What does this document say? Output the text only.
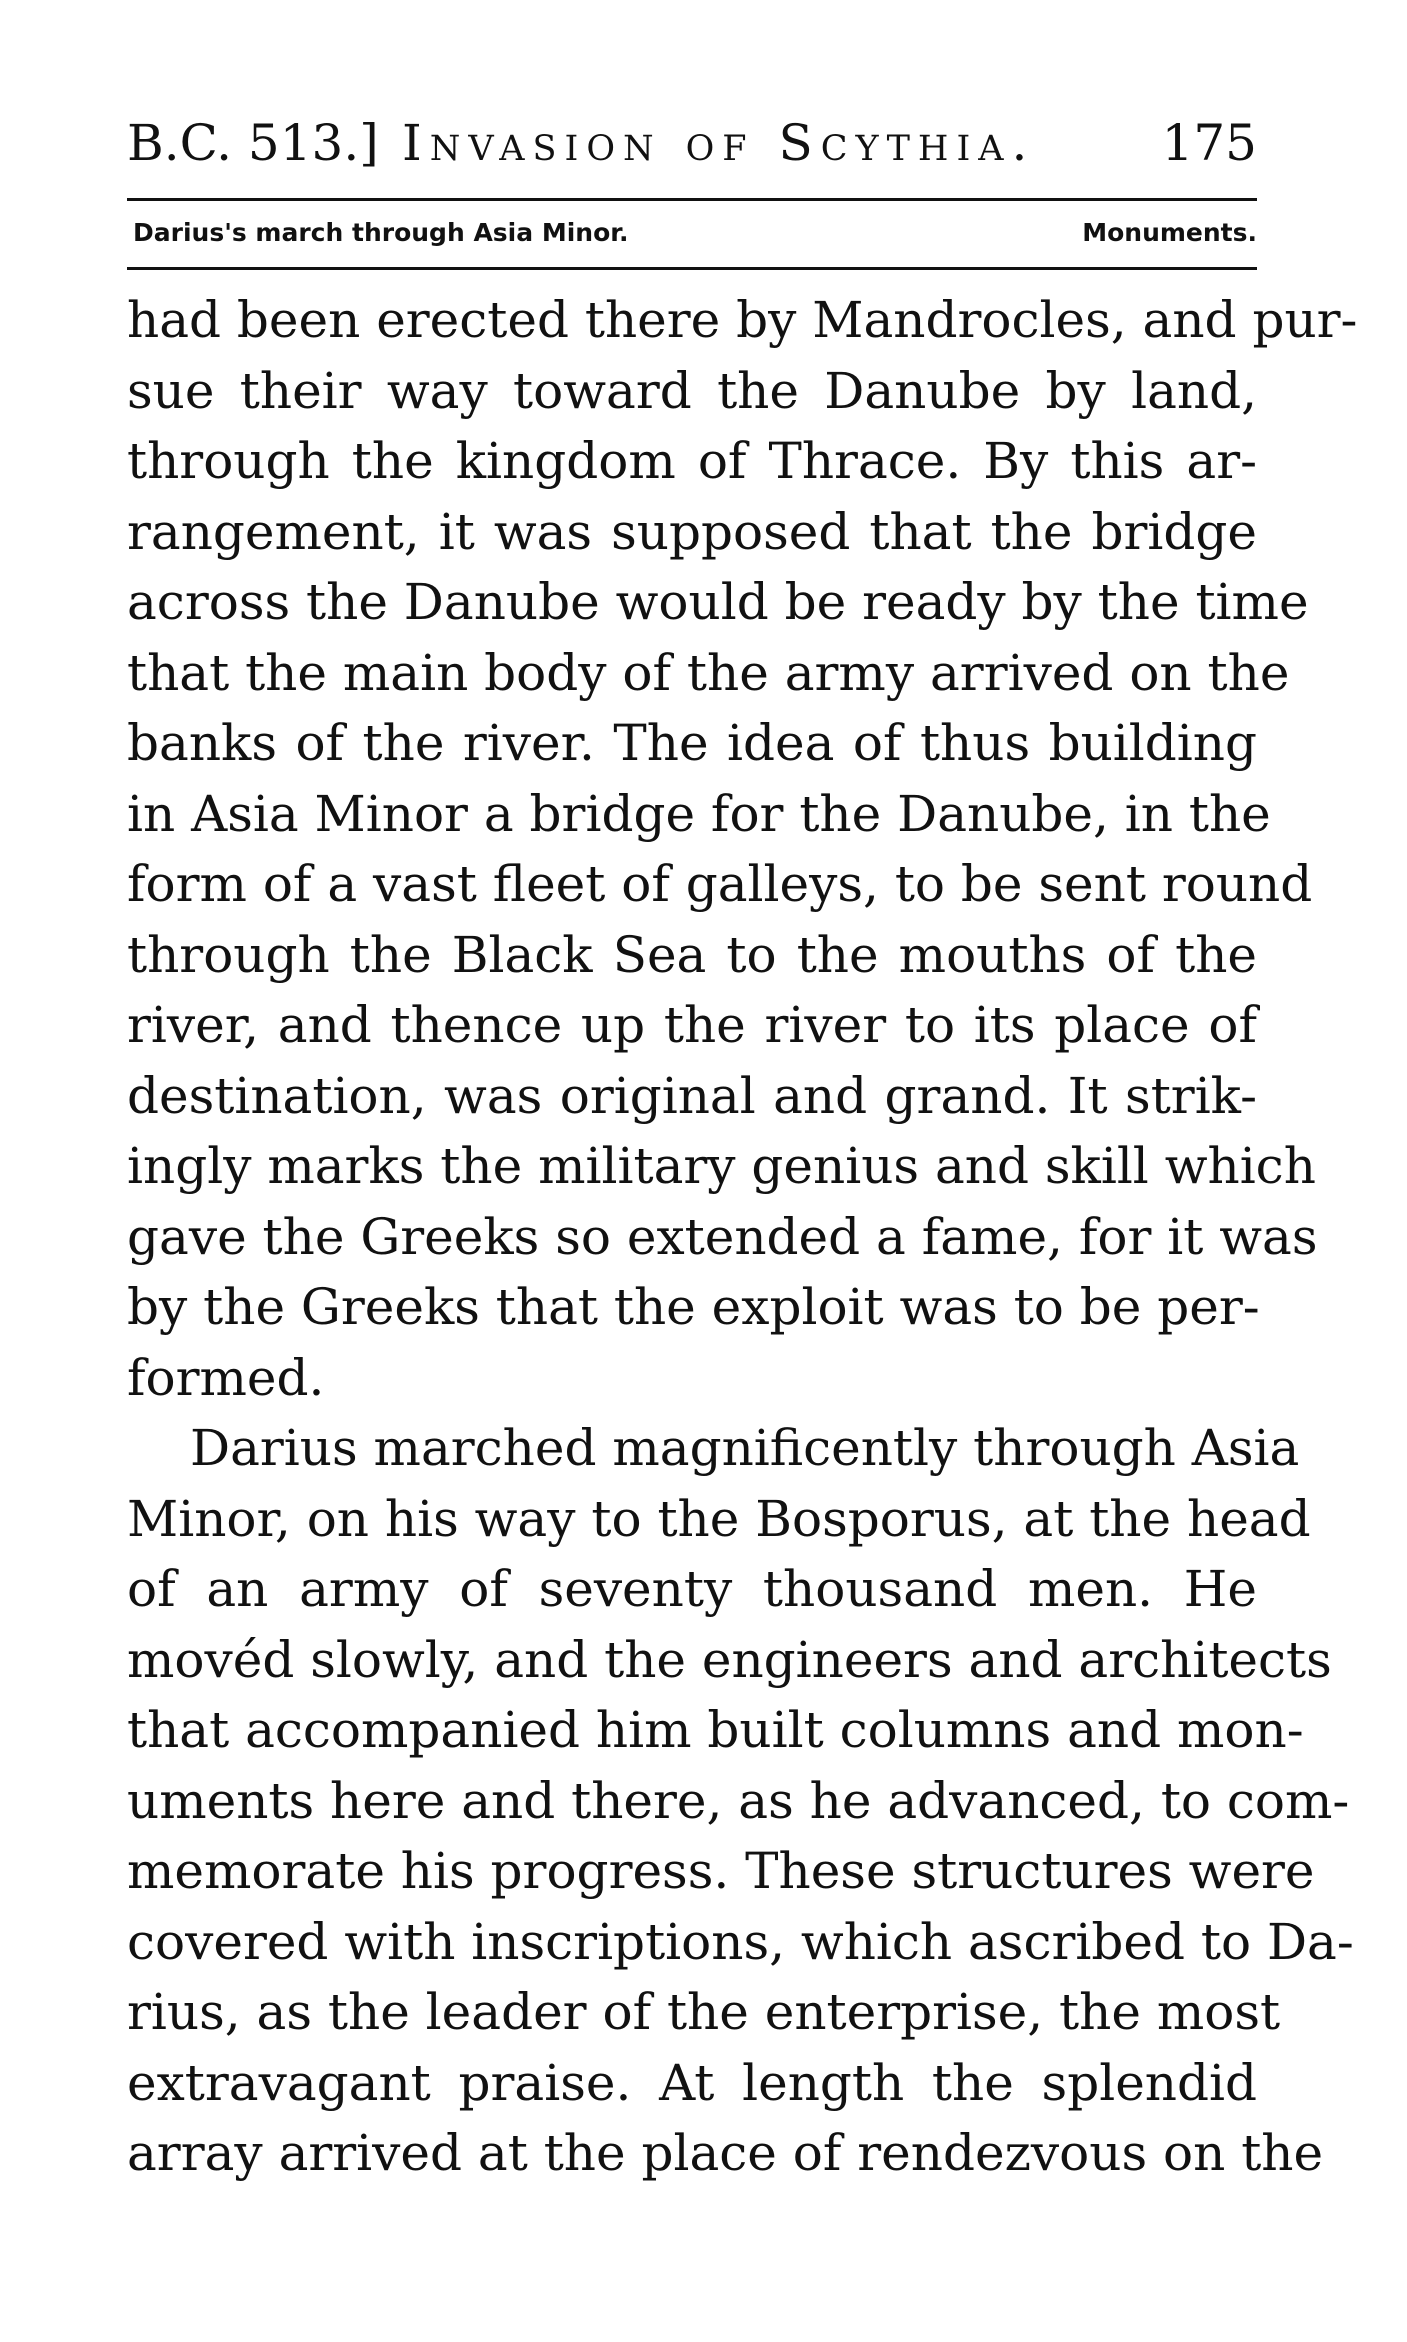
B.C. 513.] Invasion of Scythia.	175
Darius's march through Asia Minor.	Monuments.
had been erected there by Mandrocles, and pur-
sue their way toward the Danube by land,
through the kingdom of Thrace. By this ar-
rangement, it was supposed that the bridge
across the Danube would be ready by the time
that the main body of the army arrived on the
banks of the river. The idea of thus building
in Asia Minor a bridge for the Danube, in the
form of a vast fleet of galleys, to be sent round
through the Black Sea to the mouths of the
river, and thence up the river to its place of
destination, was original and grand. It strik-
ingly marks the military genius and skill which
gave the Greeks so extended a fame, for it was
by the Greeks that the exploit was to be per-
formed.
Darius marched magnificently through Asia
Minor, on his way to the Bosporus, at the head
of an army of seventy thousand men. He
movéd slowly, and the engineers and architects
that accompanied him built columns and mon-
uments here and there, as he advanced, to com-
memorate his progress. These structures were
covered with inscriptions, which ascribed to Da-
rius, as the leader of the enterprise, the most
extravagant praise. At length the splendid
array arrived at the place of rendezvous on the
